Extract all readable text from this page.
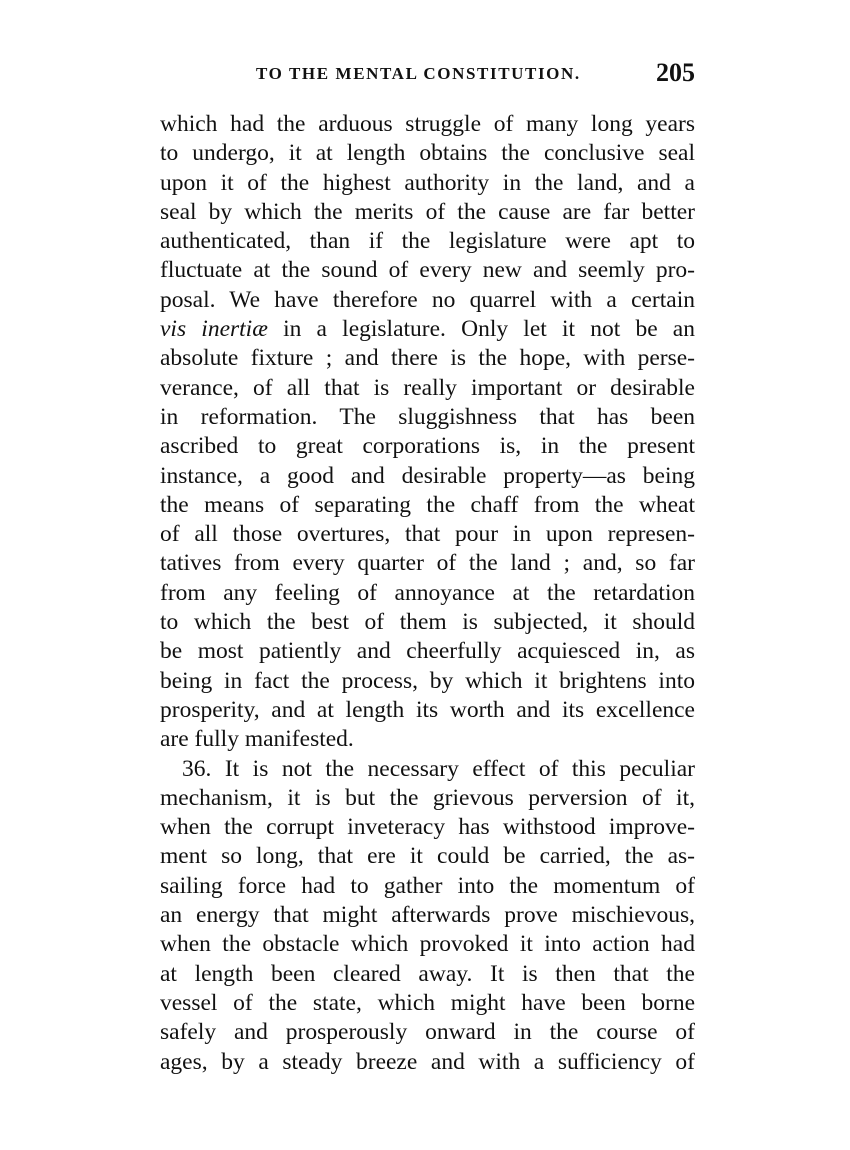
TO THE MENTAL CONSTITUTION.	205
which had the arduous struggle of many long years
to undergo, it at length obtains the conclusive seal
upon it of the highest authority in the land, and a
seal by which the merits of the cause are far better
authenticated, than if the legislature were apt to
fluctuate at the sound of every new and seemly pro-
posal. We have therefore no quarrel with a certain
vis inertiæ in a legislature. Only let it not be an
absolute fixture ; and there is the hope, with perse-
verance, of all that is really important or desirable
in reformation. The sluggishness that has been
ascribed to great corporations is, in the present
instance, a good and desirable property—as being
the means of separating the chaff from the wheat
of all those overtures, that pour in upon represen-
tatives from every quarter of the land ; and, so far
from any feeling of annoyance at the retardation
to which the best of them is subjected, it should
be most patiently and cheerfully acquiesced in, as
being in fact the process, by which it brightens into
prosperity, and at length its worth and its excellence
are fully manifested.
36. It is not the necessary effect of this peculiar
mechanism, it is but the grievous perversion of it,
when the corrupt inveteracy has withstood improve-
ment so long, that ere it could be carried, the as-
sailing force had to gather into the momentum of
an energy that might afterwards prove mischievous,
when the obstacle which provoked it into action had
at length been cleared away. It is then that the
vessel of the state, which might have been borne
safely and prosperously onward in the course of
ages, by a steady breeze and with a sufficiency of
